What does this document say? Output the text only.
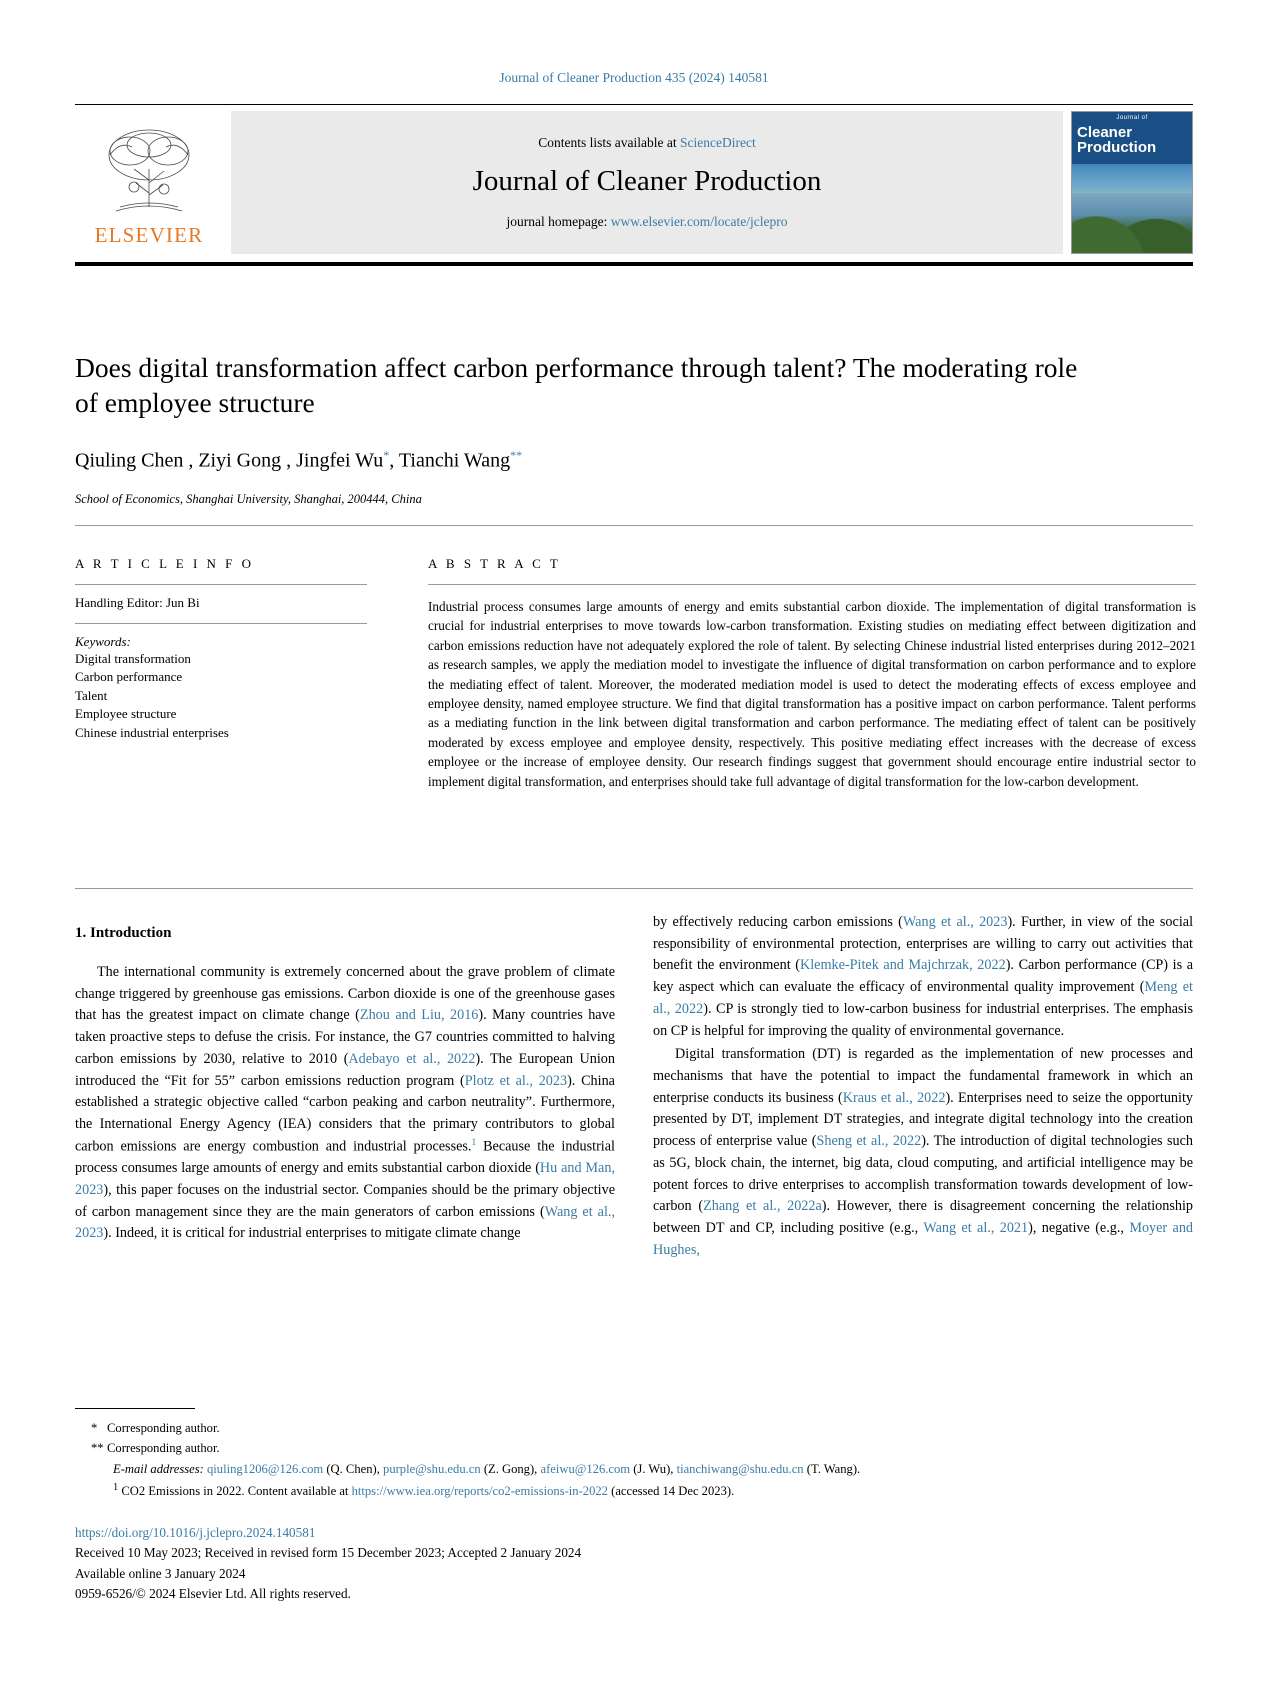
Journal of Cleaner Production 435 (2024) 140581
ELSEVIER
Contents lists available at ScienceDirect
Journal of Cleaner Production
journal homepage: www.elsevier.com/locate/jclepro
Journal of
Cleaner
Production
Does digital transformation affect carbon performance through talent? The moderating role of employee structure
Qiuling Chen , Ziyi Gong , Jingfei Wu*, Tianchi Wang**
School of Economics, Shanghai University, Shanghai, 200444, China
A R T I C L E I N F O
Handling Editor: Jun Bi
Keywords:
Digital transformation
Carbon performance
Talent
Employee structure
Chinese industrial enterprises
A B S T R A C T
Industrial process consumes large amounts of energy and emits substantial carbon dioxide. The implementation of digital transformation is crucial for industrial enterprises to move towards low-carbon transformation. Existing studies on mediating effect between digitization and carbon emissions reduction have not adequately explored the role of talent. By selecting Chinese industrial listed enterprises during 2012–2021 as research samples, we apply the mediation model to investigate the influence of digital transformation on carbon performance and to explore the mediating effect of talent. Moreover, the moderated mediation model is used to detect the moderating effects of excess employee and employee density, named employee structure. We find that digital transformation has a positive impact on carbon performance. Talent performs as a mediating function in the link between digital transformation and carbon performance. The mediating effect of talent can be positively moderated by excess employee and employee density, respectively. This positive mediating effect increases with the decrease of excess employee or the increase of employee density. Our research findings suggest that government should encourage entire industrial sector to implement digital transformation, and enterprises should take full advantage of digital transformation for the low-carbon development.
1. Introduction

The international community is extremely concerned about the grave problem of climate change triggered by greenhouse gas emissions. Carbon dioxide is one of the greenhouse gases that has the greatest impact on climate change (Zhou and Liu, 2016). Many countries have taken proactive steps to defuse the crisis. For instance, the G7 countries committed to halving carbon emissions by 2030, relative to 2010 (Adebayo et al., 2022). The European Union introduced the “Fit for 55” carbon emissions reduction program (Plotz et al., 2023). China established a strategic objective called “carbon peaking and carbon neutrality”. Furthermore, the International Energy Agency (IEA) considers that the primary contributors to global carbon emissions are energy combustion and industrial processes.$^1$ Because the industrial process consumes large amounts of energy and emits substantial carbon dioxide (Hu and Man, 2023), this paper focuses on the industrial sector. Companies should be the primary objective of carbon management since they are the main generators of carbon emissions (Wang et al., 2023). Indeed, it is critical for industrial enterprises to mitigate climate change

by effectively reducing carbon emissions (Wang et al., 2023). Further, in view of the social responsibility of environmental protection, enterprises are willing to carry out activities that benefit the environment (Klemke-Pitek and Majchrzak, 2022). Carbon performance (CP) is a key aspect which can evaluate the efficacy of environmental quality improvement (Meng et al., 2022). CP is strongly tied to low-carbon business for industrial enterprises. The emphasis on CP is helpful for improving the quality of environmental governance.

Digital transformation (DT) is regarded as the implementation of new processes and mechanisms that have the potential to impact the fundamental framework in which an enterprise conducts its business (Kraus et al., 2022). Enterprises need to seize the opportunity presented by DT, implement DT strategies, and integrate digital technology into the creation process of enterprise value (Sheng et al., 2022). The introduction of digital technologies such as 5G, block chain, the internet, big data, cloud computing, and artificial intelligence may be potent forces to drive enterprises to accomplish transformation towards development of low-carbon (Zhang et al., 2022a). However, there is disagreement concerning the relationship between DT and CP, including positive (e.g., Wang et al., 2021), negative (e.g., Moyer and Hughes,

* Corresponding author.
** Corresponding author.
E-mail addresses: qiuling1206@126.com (Q. Chen), purple@shu.edu.cn (Z. Gong), afeiwu@126.com (J. Wu), tianchiwang@shu.edu.cn (T. Wang).
$^1$ CO2 Emissions in 2022. Content available at https://www.iea.org/reports/co2-emissions-in-2022 (accessed 14 Dec 2023).
https://doi.org/10.1016/j.jclepro.2024.140581
Received 10 May 2023; Received in revised form 15 December 2023; Accepted 2 January 2024
Available online 3 January 2024
0959-6526/© 2024 Elsevier Ltd. All rights reserved.
